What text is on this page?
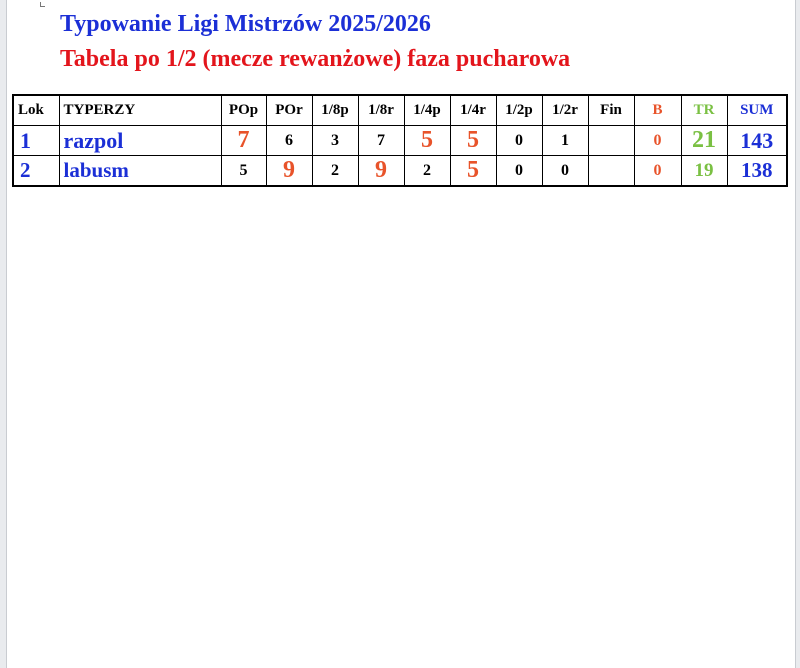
Typowanie Ligi Mistrzów 2025/2026
Tabela po 1/2 (mecze rewanżowe) faza pucharowa
Lok	TYPERZY	POp	POr	1/8p	1/8r	1/4p	1/4r	1/2p	1/2r	Fin	B	TR	SUM
1	razpol	7	6	3	7	5	5	0	1		0	21	143
2	labusm	5	9	2	9	2	5	0	0		0	19	138
